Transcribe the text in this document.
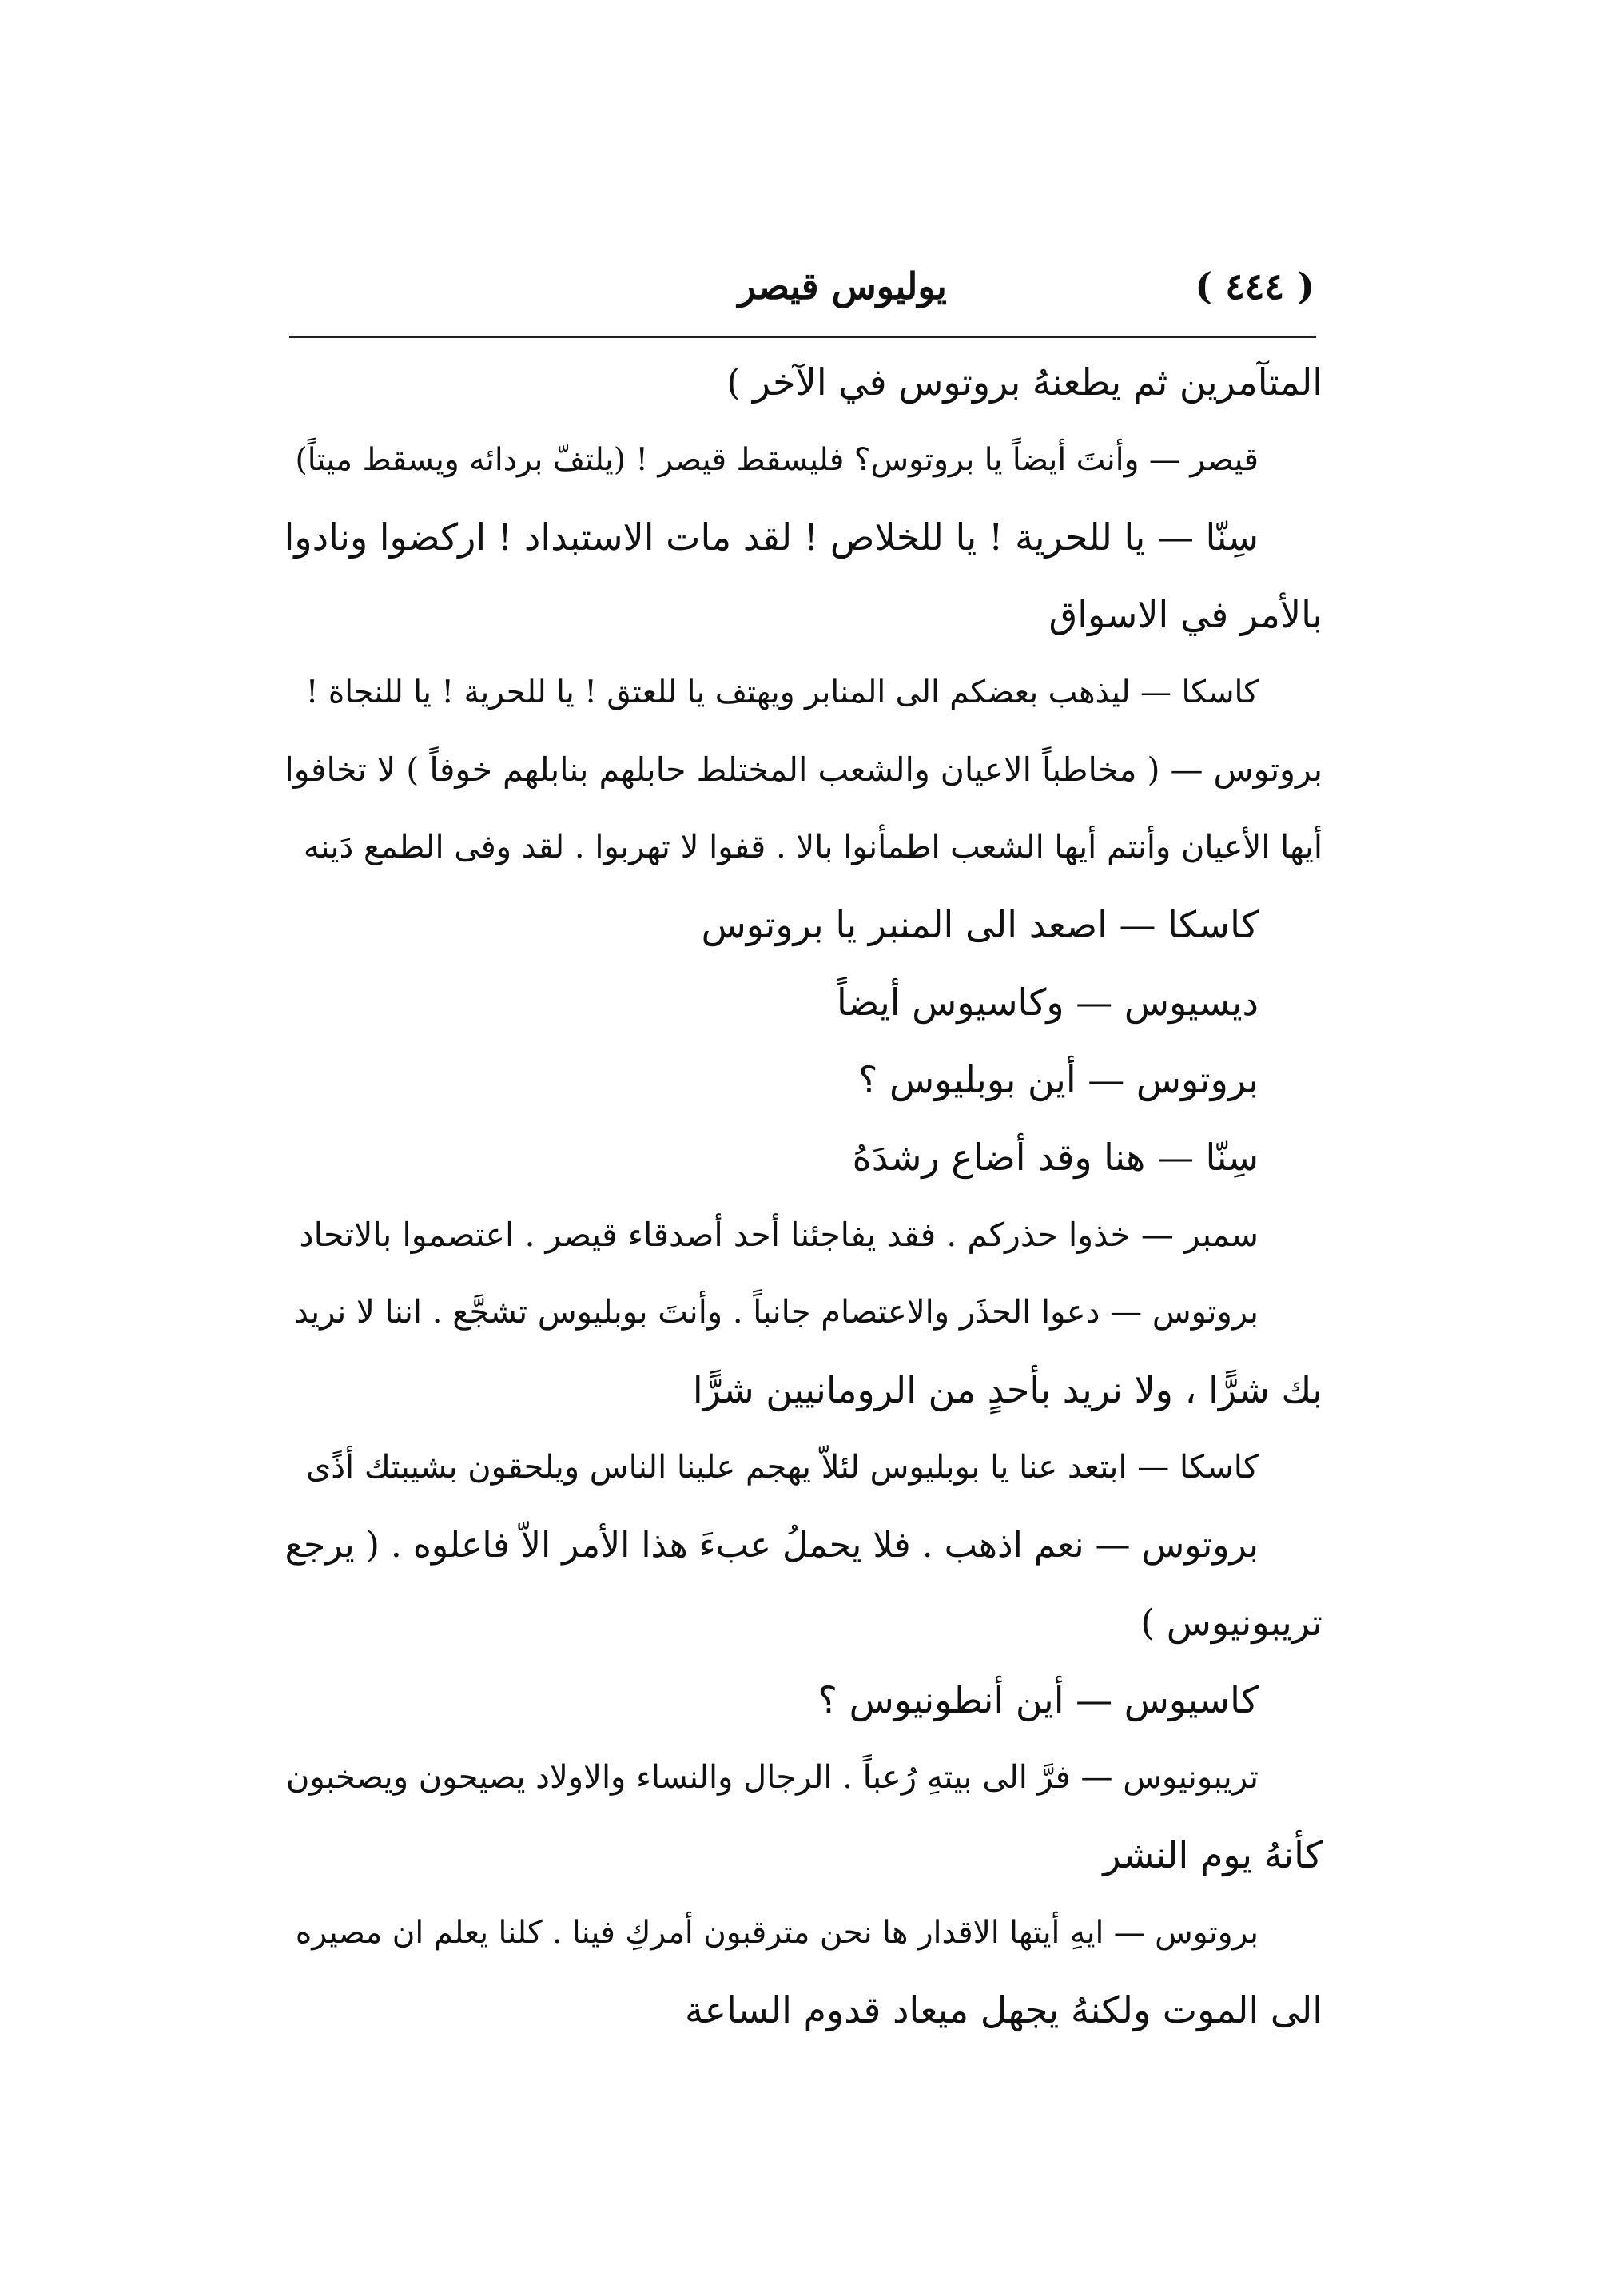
يوليوس قيصر	( ٤٤٤ )
المتآمرين ثم يطعنهُ بروتوس في الآخر )
قيصر — وأنتَ أيضاً يا بروتوس؟ فليسقط قيصر ! (يلتفّ بردائه ويسقط ميتاً)
سِنّا — يا للحرية ! يا للخلاص ! لقد مات الاستبداد ! اركضوا ونادوا
بالأمر في الاسواق
كاسكا — ليذهب بعضكم الى المنابر ويهتف يا للعتق ! يا للحرية ! يا للنجاة !
بروتوس — ( مخاطباً الاعيان والشعب المختلط حابلهم بنابلهم خوفاً ) لا تخافوا
أيها الأعيان وأنتم أيها الشعب اطمأنوا بالا . قفوا لا تهربوا . لقد وفى الطمع دَينه
كاسكا — اصعد الى المنبر يا بروتوس
ديسيوس — وكاسيوس أيضاً
بروتوس — أين بوبليوس ؟
سِنّا — هنا وقد أضاع رشدَهُ
سمبر — خذوا حذركم . فقد يفاجئنا أحد أصدقاء قيصر . اعتصموا بالاتحاد
بروتوس — دعوا الحذَر والاعتصام جانباً . وأنتَ بوبليوس تشجَّع . اننا لا نريد
بك شرًّا ، ولا نريد بأحدٍ من الرومانيين شرًّا
كاسكا — ابتعد عنا يا بوبليوس لئلاّ يهجم علينا الناس ويلحقون بشيبتك أذًى
بروتوس — نعم اذهب . فلا يحملُ عبءَ هذا الأمر الاّ فاعلوه . ( يرجع
تريبونيوس )
كاسيوس — أين أنطونيوس ؟
تريبونيوس — فرَّ الى بيتهِ رُعباً . الرجال والنساء والاولاد يصيحون ويصخبون
كأنهُ يوم النشر
بروتوس — ايهِ أيتها الاقدار ها نحن مترقبون أمركِ فينا . كلنا يعلم ان مصيره
الى الموت ولكنهُ يجهل ميعاد قدوم الساعة
